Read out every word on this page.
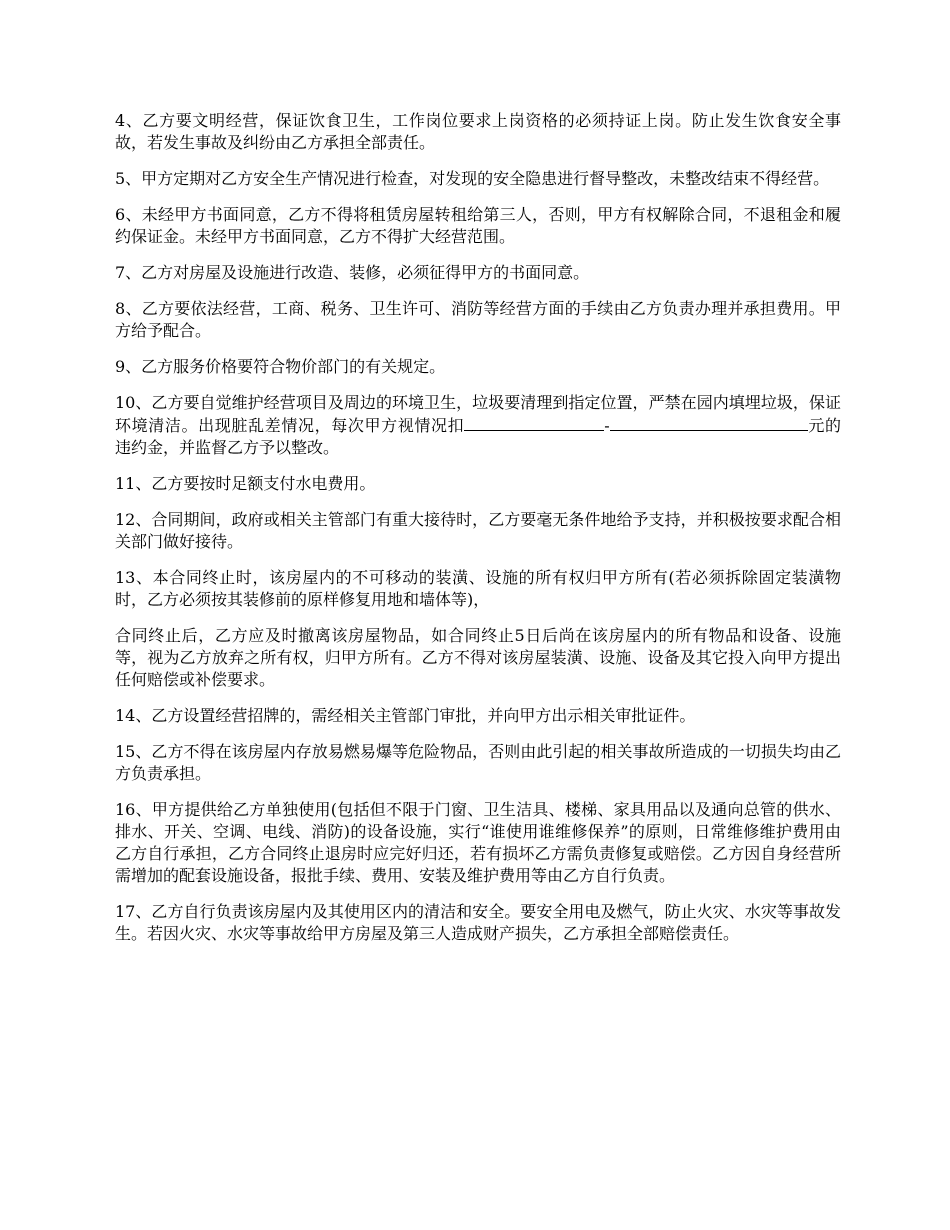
4、乙方要文明经营，保证饮食卫生，工作岗位要求上岗资格的必须持证上岗。防止发生饮食安全事故，若发生事故及纠纷由乙方承担全部责任。

5、甲方定期对乙方安全生产情况进行检查，对发现的安全隐患进行督导整改，未整改结束不得经营。

6、未经甲方书面同意，乙方不得将租赁房屋转租给第三人，否则，甲方有权解除合同，不退租金和履约保证金。未经甲方书面同意，乙方不得扩大经营范围。

7、乙方对房屋及设施进行改造、装修，必须征得甲方的书面同意。

8、乙方要依法经营，工商、税务、卫生许可、消防等经营方面的手续由乙方负责办理并承担费用。甲方给予配合。

9、乙方服务价格要符合物价部门的有关规定。

10、乙方要自觉维护经营项目及周边的环境卫生，垃圾要清理到指定位置，严禁在园内填埋垃圾，保证环境清洁。出现脏乱差情况，每次甲方视情况扣	-	元的违约金，并监督乙方予以整改。

11、乙方要按时足额支付水电费用。

12、合同期间，政府或相关主管部门有重大接待时，乙方要毫无条件地给予支持，并积极按要求配合相关部门做好接待。

13、本合同终止时，该房屋内的不可移动的装潢、设施的所有权归甲方所有(若必须拆除固定装潢物时，乙方必须按其装修前的原样修复用地和墙体等)，

合同终止后，乙方应及时撤离该房屋物品，如合同终止5日后尚在该房屋内的所有物品和设备、设施等，视为乙方放弃之所有权，归甲方所有。乙方不得对该房屋装潢、设施、设备及其它投入向甲方提出任何赔偿或补偿要求。

14、乙方设置经营招牌的，需经相关主管部门审批，并向甲方出示相关审批证件。

15、乙方不得在该房屋内存放易燃易爆等危险物品，否则由此引起的相关事故所造成的一切损失均由乙方负责承担。

16、甲方提供给乙方单独使用(包括但不限于门窗、卫生洁具、楼梯、家具用品以及通向总管的供水、排水、开关、空调、电线、消防)的设备设施，实行“谁使用谁维修保养”的原则，日常维修维护费用由乙方自行承担，乙方合同终止退房时应完好归还，若有损坏乙方需负责修复或赔偿。乙方因自身经营所需增加的配套设施设备，报批手续、费用、安装及维护费用等由乙方自行负责。

17、乙方自行负责该房屋内及其使用区内的清洁和安全。要安全用电及燃气，防止火灾、水灾等事故发生。若因火灾、水灾等事故给甲方房屋及第三人造成财产损失，乙方承担全部赔偿责任。
